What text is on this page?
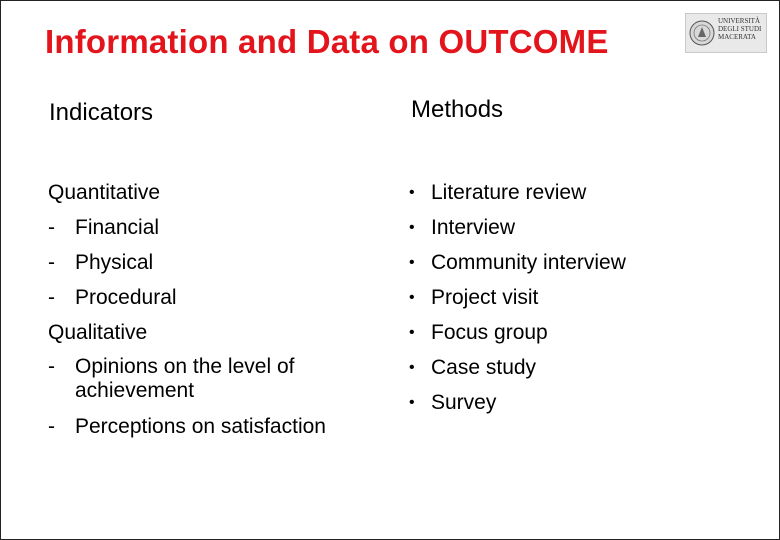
Information and Data on OUTCOME
UNIVERSITÀ
DEGLI STUDI
MACERATA
Indicators	Methods
Quantitative
- Financial
- Physical
- Procedural
Qualitative
- Opinions on the level of achievement
- Perceptions on satisfaction
• Literature review
• Interview
• Community interview
• Project visit
• Focus group
• Case study
• Survey
